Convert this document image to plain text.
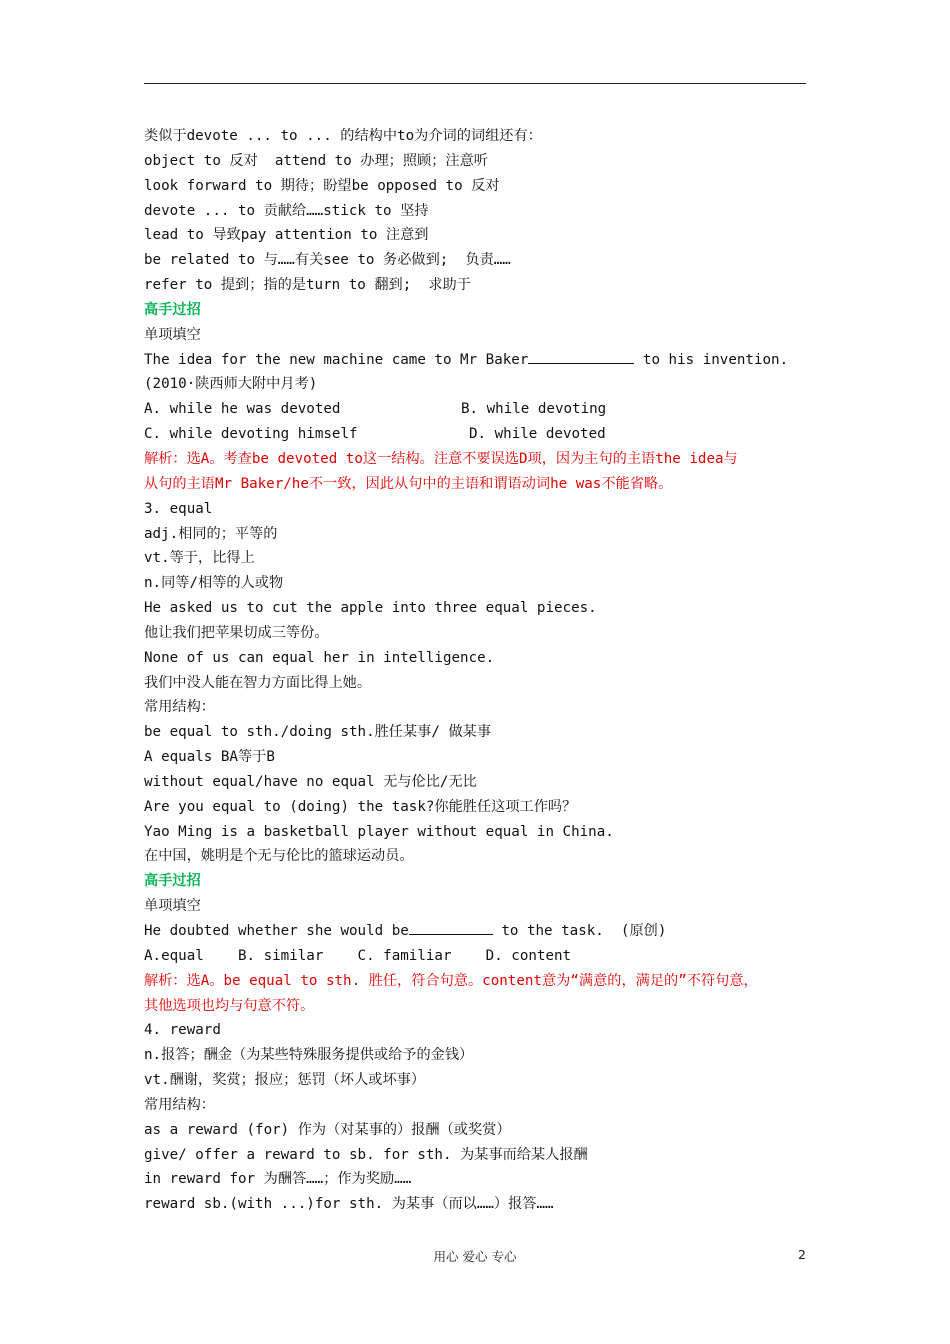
类似于devote ... to ... 的结构中to为介词的词组还有：
object to 反对  attend to 办理；照顾；注意听
look forward to 期待；盼望be opposed to 反对
devote ... to 贡献给……stick to 坚持
lead to 导致pay attention to 注意到
be related to 与……有关see to 务必做到;  负责……
refer to 提到；指的是turn to 翻到;  求助于
高手过招
单项填空
The idea for the new machine came to Mr Baker	to his invention.
(2010·陕西师大附中月考)
A. while he was devoted	B. while devoting
C. while devoting himself	D. while devoted
解析：选A。考查be devoted to这一结构。注意不要误选D项，因为主句的主语the idea与
从句的主语Mr Baker/he不一致，因此从句中的主语和谓语动词he was不能省略。
3. equal
adj.相同的；平等的
vt.等于，比得上
n.同等/相等的人或物
He asked us to cut the apple into three equal pieces.
他让我们把苹果切成三等份。
None of us can equal her in intelligence.
我们中没人能在智力方面比得上她。
常用结构：
be equal to sth./doing sth.胜任某事/ 做某事
A equals BA等于B
without equal/have no equal 无与伦比/无比
Are you equal to (doing) the task?你能胜任这项工作吗？
Yao Ming is a basketball player without equal in China.
在中国，姚明是个无与伦比的篮球运动员。
高手过招
单项填空
He doubted whether she would be	to the task.  (原创)
A.equal    B. similar    C. familiar    D. content
解析：选A。be equal to sth. 胜任，符合句意。content意为“满意的，满足的”不符句意，
其他选项也均与句意不符。
4. reward
n.报答；酬金（为某些特殊服务提供或给予的金钱）
vt.酬谢，奖赏；报应；惩罚（坏人或坏事）
常用结构：
as a reward (for) 作为（对某事的）报酬（或奖赏）
give/ offer a reward to sb. for sth. 为某事而给某人报酬
in reward for 为酬答……；作为奖励……
reward sb.(with ...)for sth. 为某事（而以……）报答……
用心 爱心 专心	2
